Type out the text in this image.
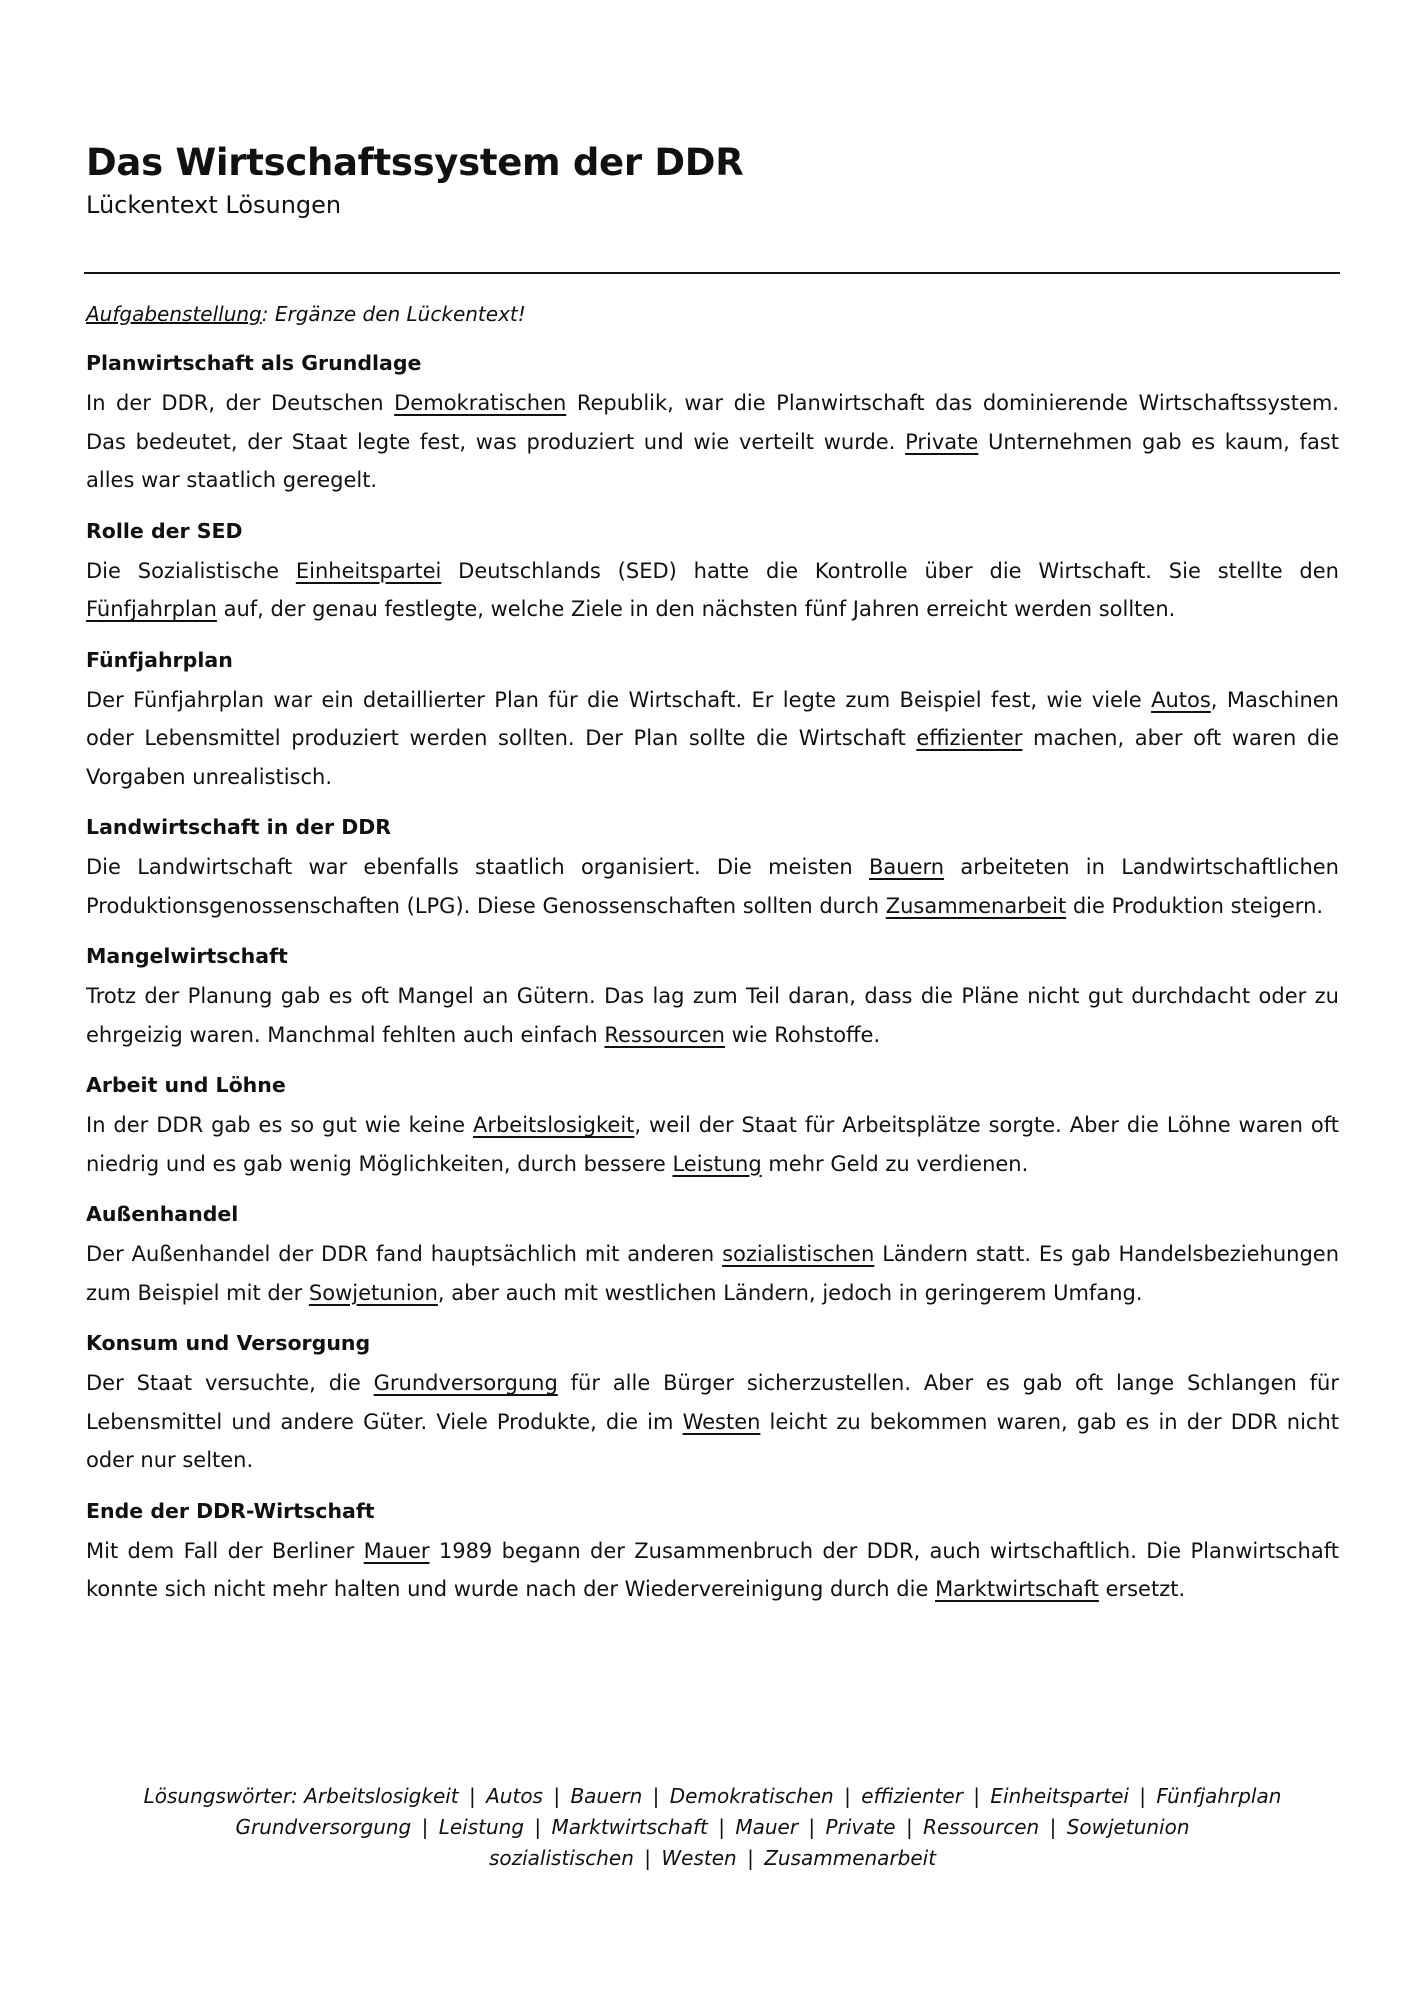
Das Wirtschaftssystem der DDR
Lückentext Lösungen
Aufgabenstellung: Ergänze den Lückentext!
Planwirtschaft als Grundlage

In der DDR, der Deutschen Demokratischen Republik, war die Planwirtschaft das dominierende Wirtschaftssystem. Das bedeutet, der Staat legte fest, was produziert und wie verteilt wurde. Private Unternehmen gab es kaum, fast alles war staatlich geregelt.

Rolle der SED

Die Sozialistische Einheitspartei Deutschlands (SED) hatte die Kontrolle über die Wirtschaft. Sie stellte den Fünfjahrplan auf, der genau festlegte, welche Ziele in den nächsten fünf Jahren erreicht werden sollten.

Fünfjahrplan

Der Fünfjahrplan war ein detaillierter Plan für die Wirtschaft. Er legte zum Beispiel fest, wie viele Autos, Maschinen oder Lebensmittel produziert werden sollten. Der Plan sollte die Wirtschaft effizienter machen, aber oft waren die Vorgaben unrealistisch.

Landwirtschaft in der DDR

Die Landwirtschaft war ebenfalls staatlich organisiert. Die meisten Bauern arbeiteten in Landwirtschaftlichen Produktionsgenossenschaften (LPG). Diese Genossenschaften sollten durch Zusammenarbeit die Produktion steigern.

Mangelwirtschaft

Trotz der Planung gab es oft Mangel an Gütern. Das lag zum Teil daran, dass die Pläne nicht gut durchdacht oder zu ehrgeizig waren. Manchmal fehlten auch einfach Ressourcen wie Rohstoffe.

Arbeit und Löhne

In der DDR gab es so gut wie keine Arbeitslosigkeit, weil der Staat für Arbeitsplätze sorgte. Aber die Löhne waren oft niedrig und es gab wenig Möglichkeiten, durch bessere Leistung mehr Geld zu verdienen.

Außenhandel

Der Außenhandel der DDR fand hauptsächlich mit anderen sozialistischen Ländern statt. Es gab Handelsbeziehungen zum Beispiel mit der Sowjetunion, aber auch mit westlichen Ländern, jedoch in geringerem Umfang.

Konsum und Versorgung

Der Staat versuchte, die Grundversorgung für alle Bürger sicherzustellen. Aber es gab oft lange Schlangen für Lebensmittel und andere Güter. Viele Produkte, die im Westen leicht zu bekommen waren, gab es in der DDR nicht oder nur selten.

Ende der DDR-Wirtschaft

Mit dem Fall der Berliner Mauer 1989 begann der Zusammenbruch der DDR, auch wirtschaftlich. Die Planwirtschaft konnte sich nicht mehr halten und wurde nach der Wiedervereinigung durch die Marktwirtschaft ersetzt.

Lösungswörter: Arbeitslosigkeit | Autos | Bauern | Demokratischen | effizienter | Einheitspartei | Fünfjahrplan
Grundversorgung | Leistung | Marktwirtschaft | Mauer | Private | Ressourcen | Sowjetunion
sozialistischen | Westen | Zusammenarbeit
